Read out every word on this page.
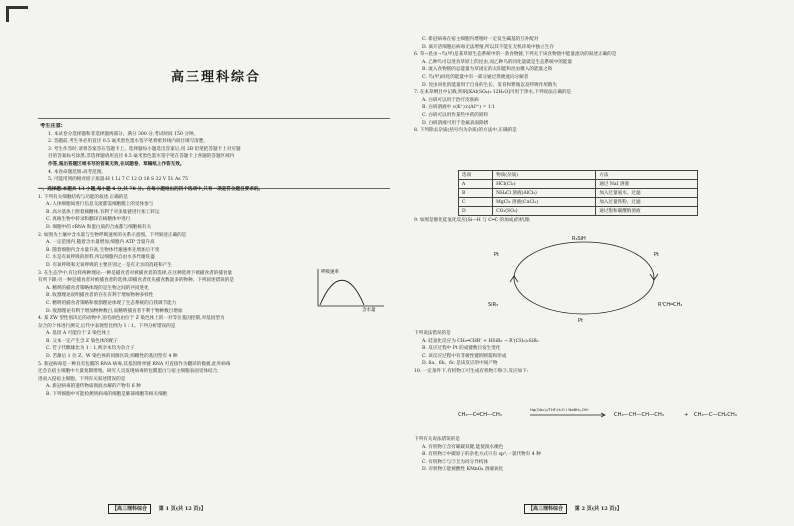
高三理科综合
考生注意:
1. 本试卷分选择题和非选择题两部分。满分 300 分,考试时间 150 分钟。
2. 答题前,考生务必用直径 0.5 毫米黑色墨水签字笔将密封线内项目填写清楚。
3. 考生作答时,请将答案答在答题卡上。选择题每小题选出答案后,用 2B 铅笔把答题卡上对应题
目的答案标号涂黑;非选择题请用直径 0.5 毫米黑色墨水签字笔在答题卡上各题的答题区域内
作答,超出答题区域书写的答案无效,在试题卷、草稿纸上作答无效。
4. 本卷命题范围:高考范围。
5. 可能用到的相对原子质量:H 1 Li 7 C 12 O 16 S 32 V 51 As 75
一、选择题:本题共 13 小题,每小题 6 分,共 78 分。在每小题给出的四个选项中,只有一项是符合题目要求的。
1. 下列有关细胞结构与功能的叙述,正确的是
A. 人体细胞间进行信息交流都需细胞膜上的受体参与
B. 高尔基体上附着核糖体,有利于对多肽链进行加工转运
C. 真核生物中转录和翻译在核糖体中进行
D. 细胞中的 rRNA 和蛋白质的合成都与细胞核有关
2. 如图为土壤中含水量与生物呼吸速率的关系示意图。下列叙述正确的是
A. 一定范围内,随着含水量增加,细胞内 ATP 含量升高
B. 随着细胞内含水量升高,生物体代谢速率先增加后不变
C. 水是有氧呼吸的原料,所以细胞内自由水多代谢旺盛
D. 有氧呼吸和无氧呼吸的主要区别之一是有无水的消耗和产生
3. 在生态学中,有这样两种理论:一种是捕食者对被捕食者的选择,在这种选择下被捕食者的捕食量
有所下降;另一种是捕食者对被捕食者的选择,即捕食者优先捕食数量多的物种。下列叙述错误的是
A. 精明的捕食者策略体现的是生物之间的共同进化
B. 收割理论说明捕食者的存在有利于增加物种多样性
C. 精明的捕食者策略和收割理论体现了生态系统的自我调节能力
D. 收割理论有利于增加物种数目,而精明捕食者不利于物种数目增加
4. 某 ZW 型性别决定的动物中,羽毛颜色由位于 Z 染色体上的一对等位基因控制,对基因型为
杂合的个体进行测交,后代中表现型比例为 1∶1。下列分析错误的是
A. 基因 A 可能位于 Z 染色体上
B. 父本一定产生含 Z 染色体的配子
C. 若子代雌雄比为 1∶1,则亲本均为杂合子
D. 若雄后 1 位 Z、W 染色体的同源区段,则雌性的基因型有 4 种
5. 新冠病毒是一种具有包膜的 RNA 病毒,其基因组单链 RNA 可直接作为翻译的模板,此外病毒
还会在宿主细胞中大量复制增殖。研究人员发现病毒的包膜蛋白与宿主细胞表面受体结合,
进而入侵宿主细胞。下列有关叙述错误的是
A. 新冠病毒的遗传物质彻底水解的产物有 6 种
B. 下列细胞中可能检测到病毒的细胞是肺部细胞等相关细胞
呼吸速率
含水量
【高三理科综合 第 1 页(共 12 页)】
C. 新冠病毒在宿主细胞内增殖时一定发生碱基的互补配对
D. 离开活细胞后病毒无法增殖,所以其不能在无机环境中独立生存
6. 草→昆虫→鸟(甲)是某草原生态系统中的一条食物链,下列关于该食物链中能量流动的叙述正确的是
A. 乙种鸟可以进食草原上的昆虫,而乙种鸟的同化量就是生态系统中的能量
B. 流入食物链的总能量为草固定的太阳能和昆虫摄入的能量之和
C. 鸟(甲)同化的能量中有一部分通过粪便流向分解者
D. 昆虫同化的能量用于自身的生长、发育和繁殖以及呼吸作用散失
7. 在本草纲目中记载,明矾[KAl(SO₄)₂·12H₂O]可用于净水,下列说法正确的是
A. 白矾可以用于治疗皮肤病
B. 白矾溶液中 c(K⁺)∶c(Al³⁺) = 1∶1
C. 白矾可以用作某些中药的原料
D. 白矾溶液可用于金属表面除锈
8. 下列除去杂质(括号内为杂质)的方法中,正确的是
选项	物质(杂质)	方法
A	HCl(Cl₂)	通过 NaI 溶液
B	NH₄Cl 溶液(AlCl₃)	加入过量氨水、过滤
C	MgCl₂ 溶液(CuCl₂)	加入过量铁粉、过滤
D	CO₂(SO₂)	通过饱和碳酸钠溶液
9. 如图是催化硅氢化反应(Si—H 与 C═C 的加成)的机理:
R₃SiH
Pt
R'CH═CH₂
SiR₃
Pt
Pt
下列说法错误的是
A. 硅氢化反应为 CH₂═CHR' + HSiR₃ → R'(CH₂)₂SiR₃
B. 反应过程中 Pt 的成键数目发生变化
C. 该反应过程中有非极性键的断裂和形成
D. 6a、6b、6c 是该反应的中间产物
10. 一定条件下,有机物①可生成有机物②和③,反应如下:
CH₃—C═CH—CH₃
Hg(OAc)₂/THF-H₂O / NaBH₄,OH⁻
CH₃—CH—CH—CH₃	+ CH₃—C—CH₂CH₃
下列有关说法错误的是
A. 有机物①含有碳碳双键,能使溴水褪色
B. 有机物②中碳原子的杂化方式只有 sp³,一氯代物有 4 种
C. 有机物②与③互为同分异构体
D. 有机物①能被酸性 KMnO₄ 溶液氧化
【高三理科综合 第 2 页(共 12 页)】
